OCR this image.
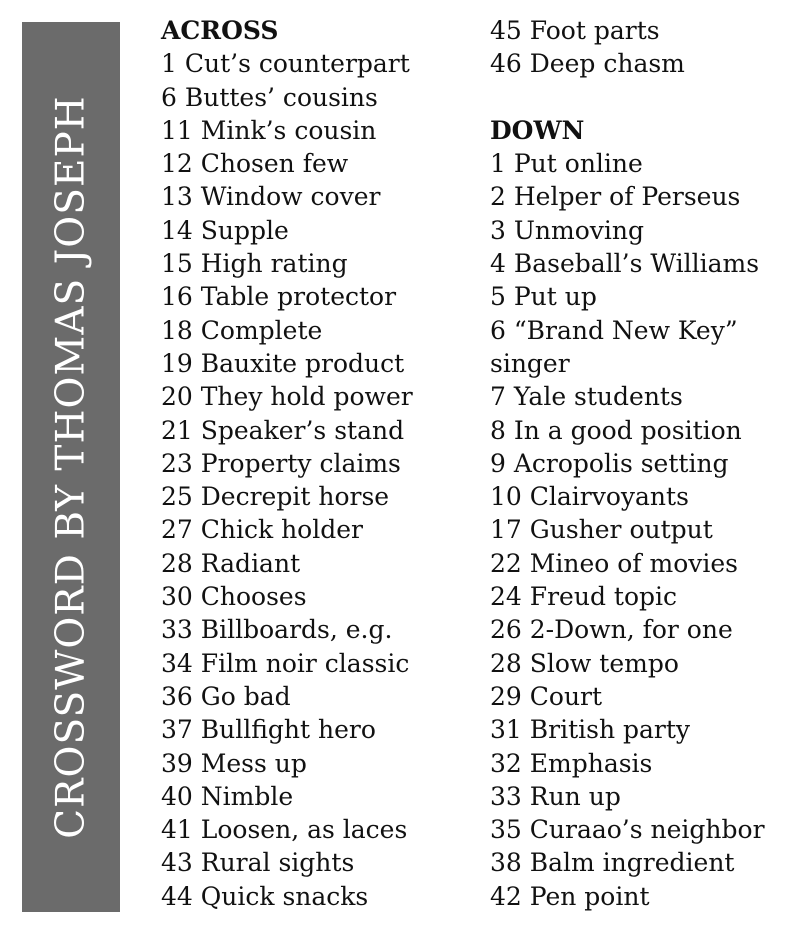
CROSSWORD BY THOMAS JOSEPH
ACROSS
1 Cut’s counterpart
6 Buttes’ cousins
11 Mink’s cousin
12 Chosen few
13 Window cover
14 Supple
15 High rating
16 Table protector
18 Complete
19 Bauxite product
20 They hold power
21 Speaker’s stand
23 Property claims
25 Decrepit horse
27 Chick holder
28 Radiant
30 Chooses
33 Billboards, e.g.
34 Film noir classic
36 Go bad
37 Bullfight hero
39 Mess up
40 Nimble
41 Loosen, as laces
43 Rural sights
44 Quick snacks
45 Foot parts
46 Deep chasm
DOWN
1 Put online
2 Helper of Perseus
3 Unmoving
4 Baseball’s Williams
5 Put up
6 “Brand New Key”
singer
7 Yale students
8 In a good position
9 Acropolis setting
10 Clairvoyants
17 Gusher output
22 Mineo of movies
24 Freud topic
26 2-Down, for one
28 Slow tempo
29 Court
31 British party
32 Emphasis
33 Run up
35 Curaao’s neighbor
38 Balm ingredient
42 Pen point
